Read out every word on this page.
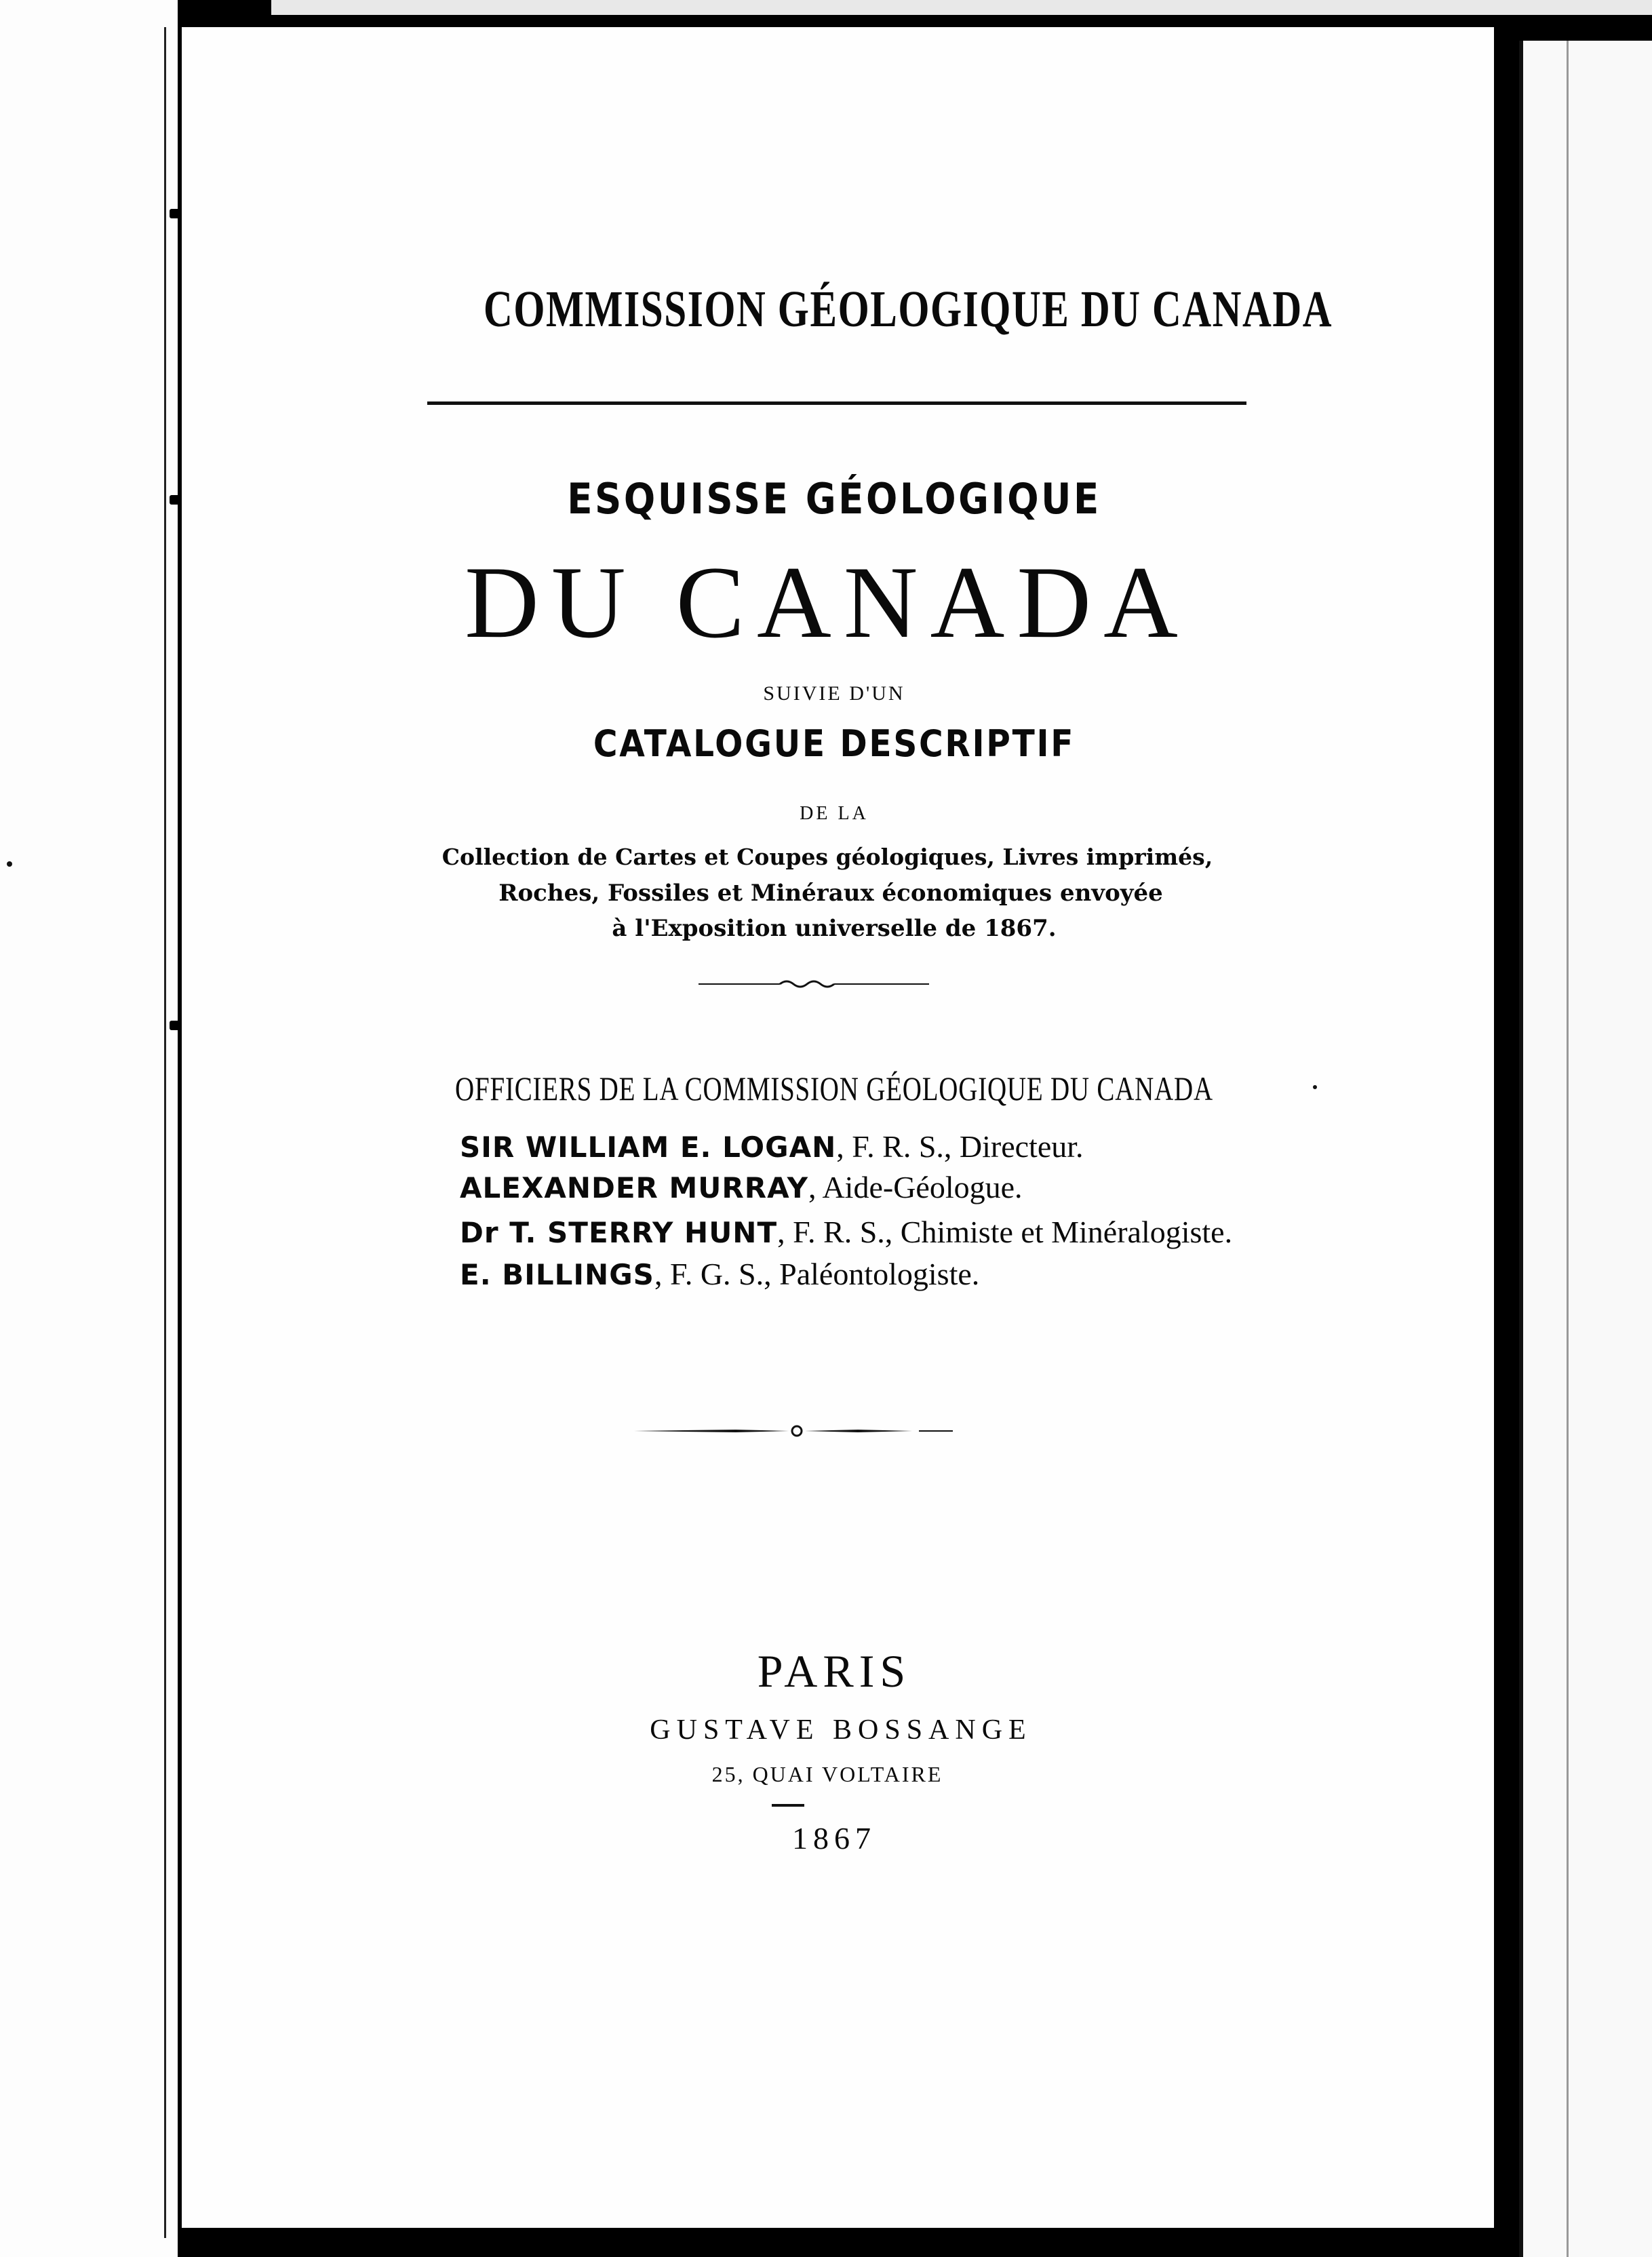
COMMISSION GÉOLOGIQUE DU CANADA
ESQUISSE GÉOLOGIQUE
DU CANADA
SUIVIE D'UN
CATALOGUE DESCRIPTIF
DE LA
Collection de Cartes et Coupes géologiques, Livres imprimés,
Roches, Fossiles et Minéraux économiques envoyée
à l'Exposition universelle de 1867.
OFFICIERS DE LA COMMISSION GÉOLOGIQUE DU CANADA
SIR WILLIAM E. LOGAN, F. R. S., Directeur.
ALEXANDER MURRAY, Aide-Géologue.
Dr T. STERRY HUNT, F. R. S., Chimiste et Minéralogiste.
E. BILLINGS, F. G. S., Paléontologiste.
PARIS
GUSTAVE BOSSANGE
25, QUAI VOLTAIRE
1867
